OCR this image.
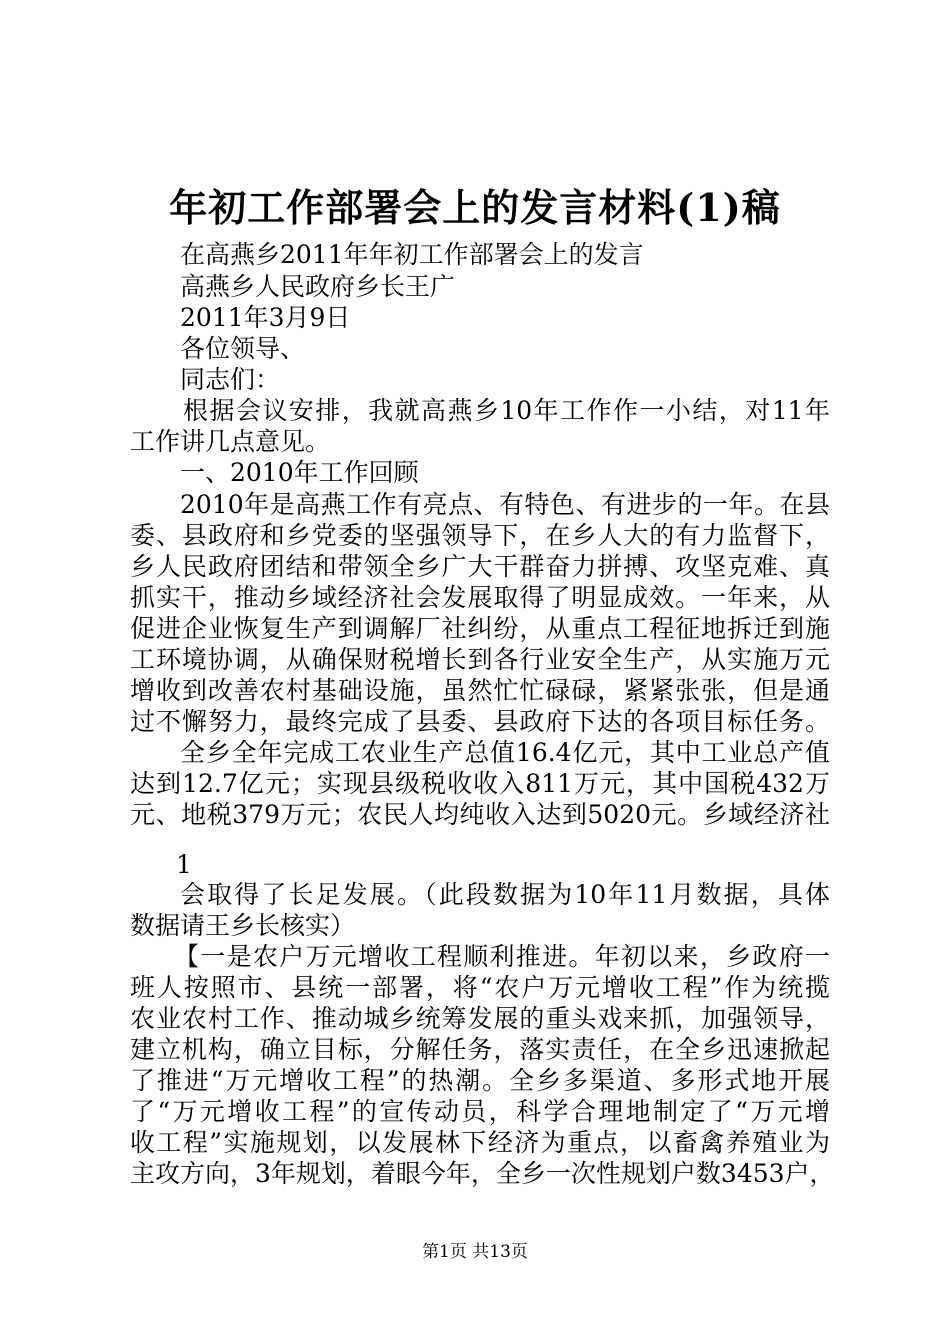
年初工作部署会上的发言材料(1)稿
在高燕乡2011年年初工作部署会上的发言
高燕乡人民政府乡长王广
2011年3月9日
各位领导、
同志们：
根据会议安排，我就高燕乡10年工作作一小结，对11年
工作讲几点意见。
一、2010年工作回顾
2010年是高燕工作有亮点、有特色、有进步的一年。在县
委、县政府和乡党委的坚强领导下，在乡人大的有力监督下，
乡人民政府团结和带领全乡广大干群奋力拼搏、攻坚克难、真
抓实干，推动乡域经济社会发展取得了明显成效。一年来，从
促进企业恢复生产到调解厂社纠纷，从重点工程征地拆迁到施
工环境协调，从确保财税增长到各行业安全生产，从实施万元
增收到改善农村基础设施，虽然忙忙碌碌，紧紧张张，但是通
过不懈努力，最终完成了县委、县政府下达的各项目标任务。
全乡全年完成工农业生产总值16.4亿元，其中工业总产值
达到12.7亿元；实现县级税收收入811万元，其中国税432万
元、地税379万元；农民人均纯收入达到5020元。乡域经济社
1
会取得了长足发展。（此段数据为10年11月数据，具体
数据请王乡长核实）
【一是农户万元增收工程顺利推进。年初以来，乡政府一
班人按照市、县统一部署，将“农户万元增收工程”作为统揽
农业农村工作、推动城乡统筹发展的重头戏来抓，加强领导，
建立机构，确立目标，分解任务，落实责任，在全乡迅速掀起
了推进“万元增收工程”的热潮。全乡多渠道、多形式地开展
了“万元增收工程”的宣传动员，科学合理地制定了“万元增
收工程”实施规划，以发展林下经济为重点，以畜禽养殖业为
主攻方向，3年规划，着眼今年，全乡一次性规划户数3453户，
第1页 共13页
